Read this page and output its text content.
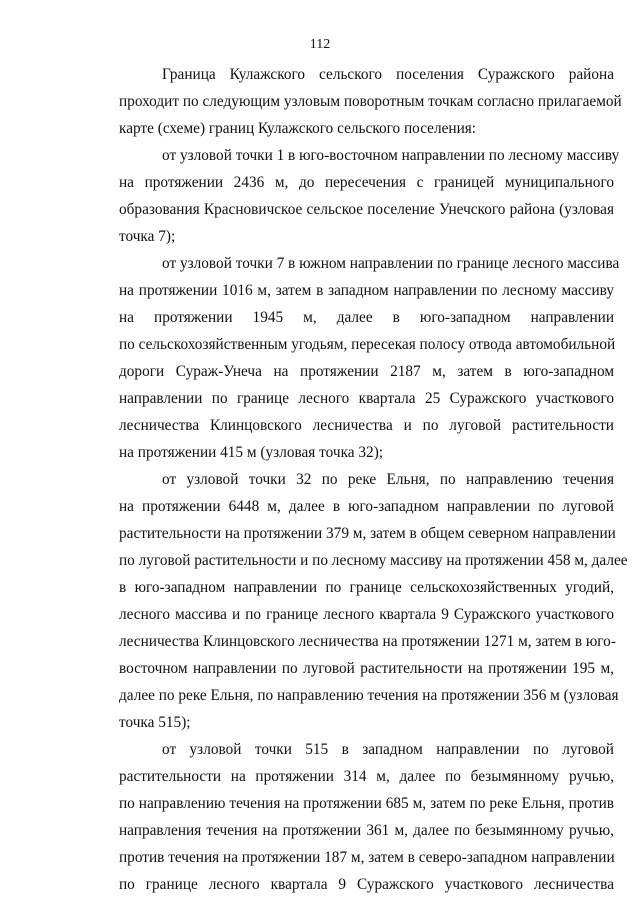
112
Граница Кулажского сельского поселения Суражского района
проходит по следующим узловым поворотным точкам согласно прилагаемой
карте (схеме) границ Кулажского сельского поселения:
от узловой точки 1 в юго-восточном направлении по лесному массиву
на протяжении 2436 м, до пересечения с границей муниципального
образования Красновичское сельское поселение Унечского района (узловая
точка 7);
от узловой точки 7 в южном направлении по границе лесного массива
на протяжении 1016 м, затем в западном направлении по лесному массиву
на протяжении 1945 м, далее в юго-западном направлении
по сельскохозяйственным угодьям, пересекая полосу отвода автомобильной
дороги Сураж-Унеча на протяжении 2187 м, затем в юго-западном
направлении по границе лесного квартала 25 Суражского участкового
лесничества Клинцовского лесничества и по луговой растительности
на протяжении 415 м (узловая точка 32);
от узловой точки 32 по реке Ельня, по направлению течения
на протяжении 6448 м, далее в юго-западном направлении по луговой
растительности на протяжении 379 м, затем в общем северном направлении
по луговой растительности и по лесному массиву на протяжении 458 м, далее
в юго-западном направлении по границе сельскохозяйственных угодий,
лесного массива и по границе лесного квартала 9 Суражского участкового
лесничества Клинцовского лесничества на протяжении 1271 м, затем в юго-
восточном направлении по луговой растительности на протяжении 195 м,
далее по реке Ельня, по направлению течения на протяжении 356 м (узловая
точка 515);
от узловой точки 515 в западном направлении по луговой
растительности на протяжении 314 м, далее по безымянному ручью,
по направлению течения на протяжении 685 м, затем по реке Ельня, против
направления течения на протяжении 361 м, далее по безымянному ручью,
против течения на протяжении 187 м, затем в северо-западном направлении
по границе лесного квартала 9 Суражского участкового лесничества
